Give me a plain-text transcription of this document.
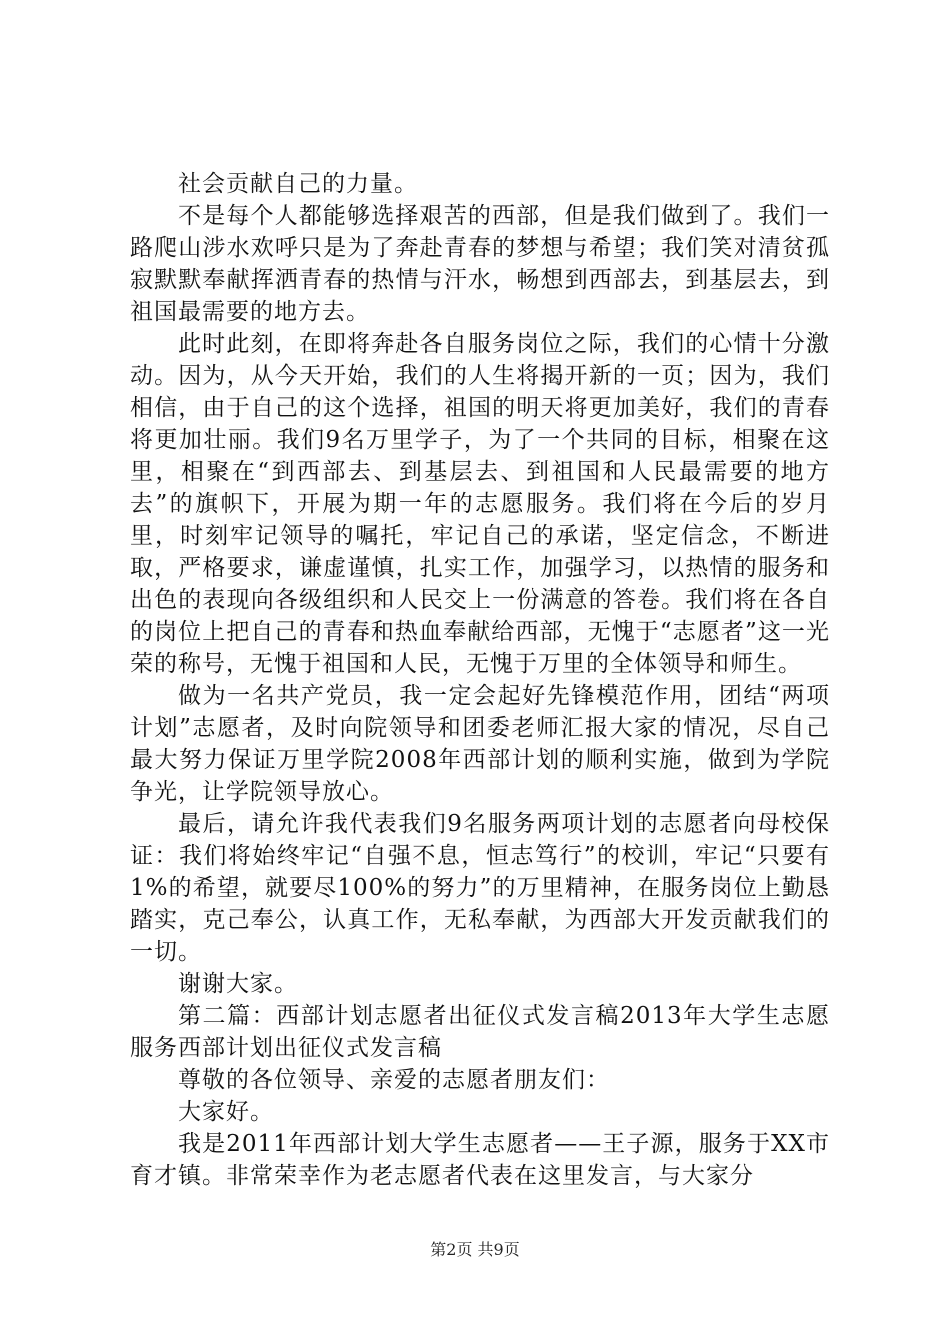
社会贡献自己的力量。

不是每个人都能够选择艰苦的西部，但是我们做到了。我们一路爬山涉水欢呼只是为了奔赴青春的梦想与希望；我们笑对清贫孤寂默默奉献挥洒青春的热情与汗水，畅想到西部去，到基层去，到祖国最需要的地方去。

此时此刻，在即将奔赴各自服务岗位之际，我们的心情十分激动。因为，从今天开始，我们的人生将揭开新的一页；因为，我们相信，由于自己的这个选择，祖国的明天将更加美好，我们的青春将更加壮丽。我们9名万里学子，为了一个共同的目标，相聚在这里，相聚在“到西部去、到基层去、到祖国和人民最需要的地方去”的旗帜下，开展为期一年的志愿服务。我们将在今后的岁月里，时刻牢记领导的嘱托，牢记自己的承诺，坚定信念，不断进取，严格要求，谦虚谨慎，扎实工作，加强学习，以热情的服务和出色的表现向各级组织和人民交上一份满意的答卷。我们将在各自的岗位上把自己的青春和热血奉献给西部，无愧于“志愿者”这一光荣的称号，无愧于祖国和人民，无愧于万里的全体领导和师生。

做为一名共产党员，我一定会起好先锋模范作用，团结“两项计划”志愿者，及时向院领导和团委老师汇报大家的情况，尽自己最大努力保证万里学院2008年西部计划的顺利实施，做到为学院争光，让学院领导放心。

最后，请允许我代表我们9名服务两项计划的志愿者向母校保证：我们将始终牢记“自强不息，恒志笃行”的校训，牢记“只要有1%的希望，就要尽100%的努力”的万里精神，在服务岗位上勤恳踏实，克己奉公，认真工作，无私奉献，为西部大开发贡献我们的一切。

谢谢大家。

第二篇：西部计划志愿者出征仪式发言稿2013年大学生志愿服务西部计划出征仪式发言稿

尊敬的各位领导、亲爱的志愿者朋友们：

大家好。

我是2011年西部计划大学生志愿者——王子源，服务于XX市育才镇。非常荣幸作为老志愿者代表在这里发言，与大家分

第2页 共9页
